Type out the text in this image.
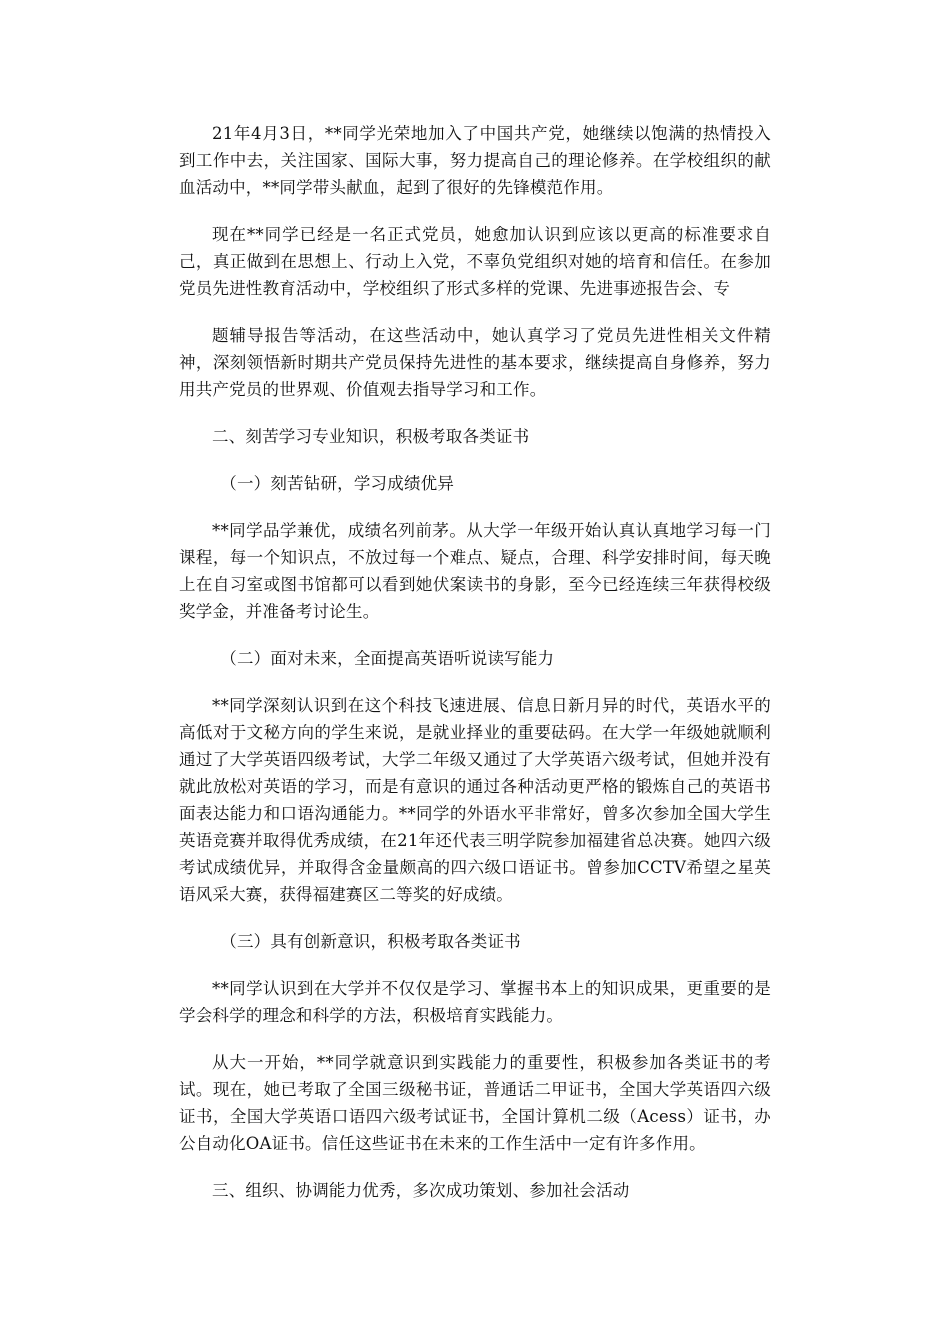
21年4月3日，**同学光荣地加入了中国共产党，她继续以饱满的热情投入到工作中去，关注国家、国际大事，努力提高自己的理论修养。在学校组织的献血活动中，**同学带头献血，起到了很好的先锋模范作用。

现在**同学已经是一名正式党员，她愈加认识到应该以更高的标准要求自己，真正做到在思想上、行动上入党，不辜负党组织对她的培育和信任。在参加党员先进性教育活动中，学校组织了形式多样的党课、先进事迹报告会、专

题辅导报告等活动，在这些活动中，她认真学习了党员先进性相关文件精神，深刻领悟新时期共产党员保持先进性的基本要求，继续提高自身修养，努力用共产党员的世界观、价值观去指导学习和工作。

二、刻苦学习专业知识，积极考取各类证书

（一）刻苦钻研，学习成绩优异

**同学品学兼优，成绩名列前茅。从大学一年级开始认真认真地学习每一门课程，每一个知识点，不放过每一个难点、疑点，合理、科学安排时间，每天晚上在自习室或图书馆都可以看到她伏案读书的身影，至今已经连续三年获得校级奖学金，并准备考讨论生。

（二）面对未来，全面提高英语听说读写能力

**同学深刻认识到在这个科技飞速进展、信息日新月异的时代，英语水平的高低对于文秘方向的学生来说，是就业择业的重要砝码。在大学一年级她就顺利通过了大学英语四级考试，大学二年级又通过了大学英语六级考试，但她并没有就此放松对英语的学习，而是有意识的通过各种活动更严格的锻炼自己的英语书面表达能力和口语沟通能力。**同学的外语水平非常好，曾多次参加全国大学生英语竞赛并取得优秀成绩，在21年还代表三明学院参加福建省总决赛。她四六级考试成绩优异，并取得含金量颇高的四六级口语证书。曾参加CCTV希望之星英语风采大赛，获得福建赛区二等奖的好成绩。

（三）具有创新意识，积极考取各类证书

**同学认识到在大学并不仅仅是学习、掌握书本上的知识成果，更重要的是学会科学的理念和科学的方法，积极培育实践能力。

从大一开始，**同学就意识到实践能力的重要性，积极参加各类证书的考试。现在，她已考取了全国三级秘书证，普通话二甲证书，全国大学英语四六级证书，全国大学英语口语四六级考试证书，全国计算机二级（Acess）证书，办公自动化OA证书。信任这些证书在未来的工作生活中一定有许多作用。

三、组织、协调能力优秀，多次成功策划、参加社会活动
